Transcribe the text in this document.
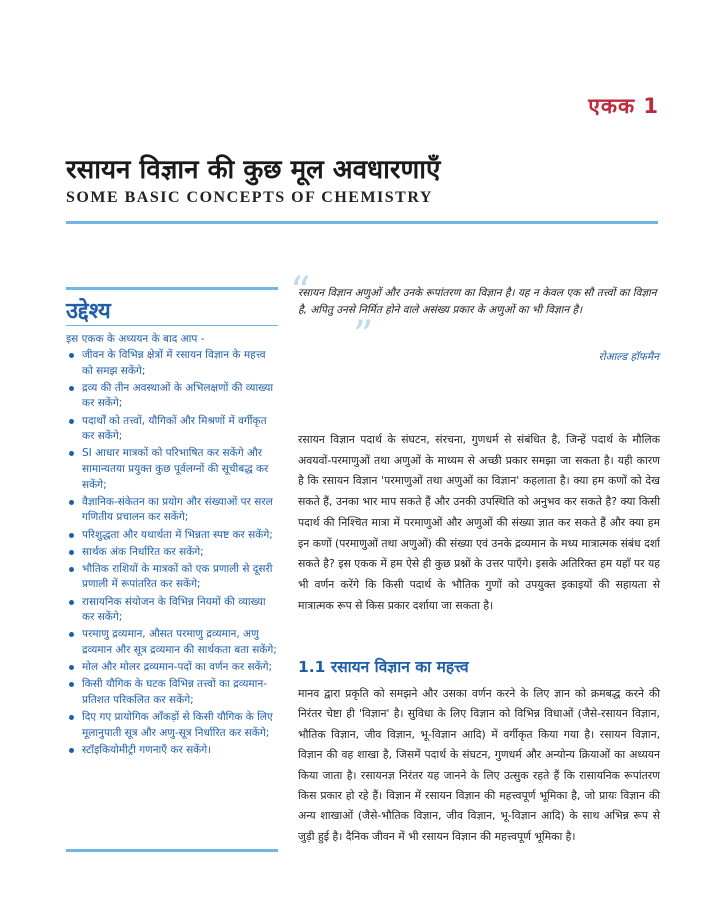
एकक 1
रसायन विज्ञान की कुछ मूल अवधारणाएँ
SOME BASIC CONCEPTS OF CHEMISTRY
उद्देश्य
इस एकक के अध्ययन के बाद आप -
जीवन के विभिन्न क्षेत्रों में रसायन विज्ञान के महत्त्व को समझ सकेंगे;
द्रव्य की तीन अवस्थाओं के अभिलक्षणों की व्याख्या कर सकेंगे;
पदार्थों को तत्त्वों, यौगिकों और मिश्रणों में वर्गीकृत कर सकेंगे;
SI आधार मात्रकों को परिभाषित कर सकेंगे और सामान्यतया प्रयुक्त कुछ पूर्वलग्नों की सूचीबद्ध कर सकेंगे;
वैज्ञानिक-संकेतन का प्रयोग और संख्याओं पर सरल गणितीय प्रचालन कर सकेंगे;
परिशुद्धता और यथार्थता में भिन्नता स्पष्ट कर सकेंगे;
सार्थक अंक निर्धारित कर सकेंगे;
भौतिक राशियों के मात्रकों को एक प्रणाली से दूसरी प्रणाली में रूपांतरित कर सकेंगे;
रासायनिक संयोजन के विभिन्न नियमों की व्याख्या कर सकेंगे;
परमाणु द्रव्यमान, औसत परमाणु द्रव्यमान, अणु द्रव्यमान और सूत्र द्रव्यमान की सार्थकता बता सकेंगे;
मोल और मोलर द्रव्यमान-पदों का वर्णन कर सकेंगे;
किसी यौगिक के घटक विभिन्न तत्त्वों का द्रव्यमान-प्रतिशत परिकलित कर सकेंगे;
दिए गए प्रायोगिक आँकड़ों से किसी यौगिक के लिए मूलानुपाती सूत्र और अणु-सूत्र निर्धारित कर सकेंगे;
स्टॉइकियोमीट्री गणनाएँ कर सकेंगे।
“
रसायन विज्ञान अणुओं और उनके रूपांतरण का विज्ञान है। यह न केवल एक सौ तत्त्वों का विज्ञान है, अपितु उनसे निर्मित होने वाले असंख्य प्रकार के अणुओं का भी विज्ञान है।
”	रोआल्ड हॉफमैन
रसायन विज्ञान पदार्थ के संघटन, संरचना, गुणधर्म से संबंधित है, जिन्हें पदार्थ के मौलिक अवयवों-परमाणुओं तथा अणुओं के माध्यम से अच्छी प्रकार समझा जा सकता है। यही कारण है कि रसायन विज्ञान 'परमाणुओं तथा अणुओं का विज्ञान' कहलाता है। क्या हम कणों को देख सकते हैं, उनका भार माप सकते हैं और उनकी उपस्थिति को अनुभव कर सकते है? क्या किसी पदार्थ की निश्चित मात्रा में परमाणुओं और अणुओं की संख्या ज्ञात कर सकते हैं और क्या हम इन कणों (परमाणुओं तथा अणुओं) की संख्या एवं उनके द्रव्यमान के मध्य मात्रात्मक संबंध दर्शा सकते है? इस एकक में हम ऐसे ही कुछ प्रश्नों के उत्तर पाएँगे। इसके अतिरिक्त हम यहाँ पर यह भी वर्णन करेंगे कि किसी पदार्थ के भौतिक गुणों को उपयुक्त इकाइयों की सहायता से मात्रात्मक रूप से किस प्रकार दर्शाया जा सकता है।
1.1 रसायन विज्ञान का महत्त्व
मानव द्वारा प्रकृति को समझने और उसका वर्णन करने के लिए ज्ञान को क्रमबद्ध करने की निरंतर चेष्टा ही 'विज्ञान' है। सुविधा के लिए विज्ञान को विभिन्न विधाओं (जैसे-रसायन विज्ञान, भौतिक विज्ञान, जीव विज्ञान, भू-विज्ञान आदि) में वर्गीकृत किया गया है। रसायन विज्ञान, विज्ञान की वह शाखा है, जिसमें पदार्थ के संघटन, गुणधर्म और अन्योन्य क्रियाओं का अध्ययन किया जाता है। रसायनज्ञ निरंतर यह जानने के लिए उत्सुक रहते हैं कि रासायनिक रूपांतरण किस प्रकार हो रहे हैं। विज्ञान में रसायन विज्ञान की महत्त्वपूर्ण भूमिका है, जो प्रायः विज्ञान की अन्य शाखाओं (जैसे-भौतिक विज्ञान, जीव विज्ञान, भू-विज्ञान आदि) के साथ अभिन्न रूप से जुड़ी हुई है। दैनिक जीवन में भी रसायन विज्ञान की महत्त्वपूर्ण भूमिका है।
